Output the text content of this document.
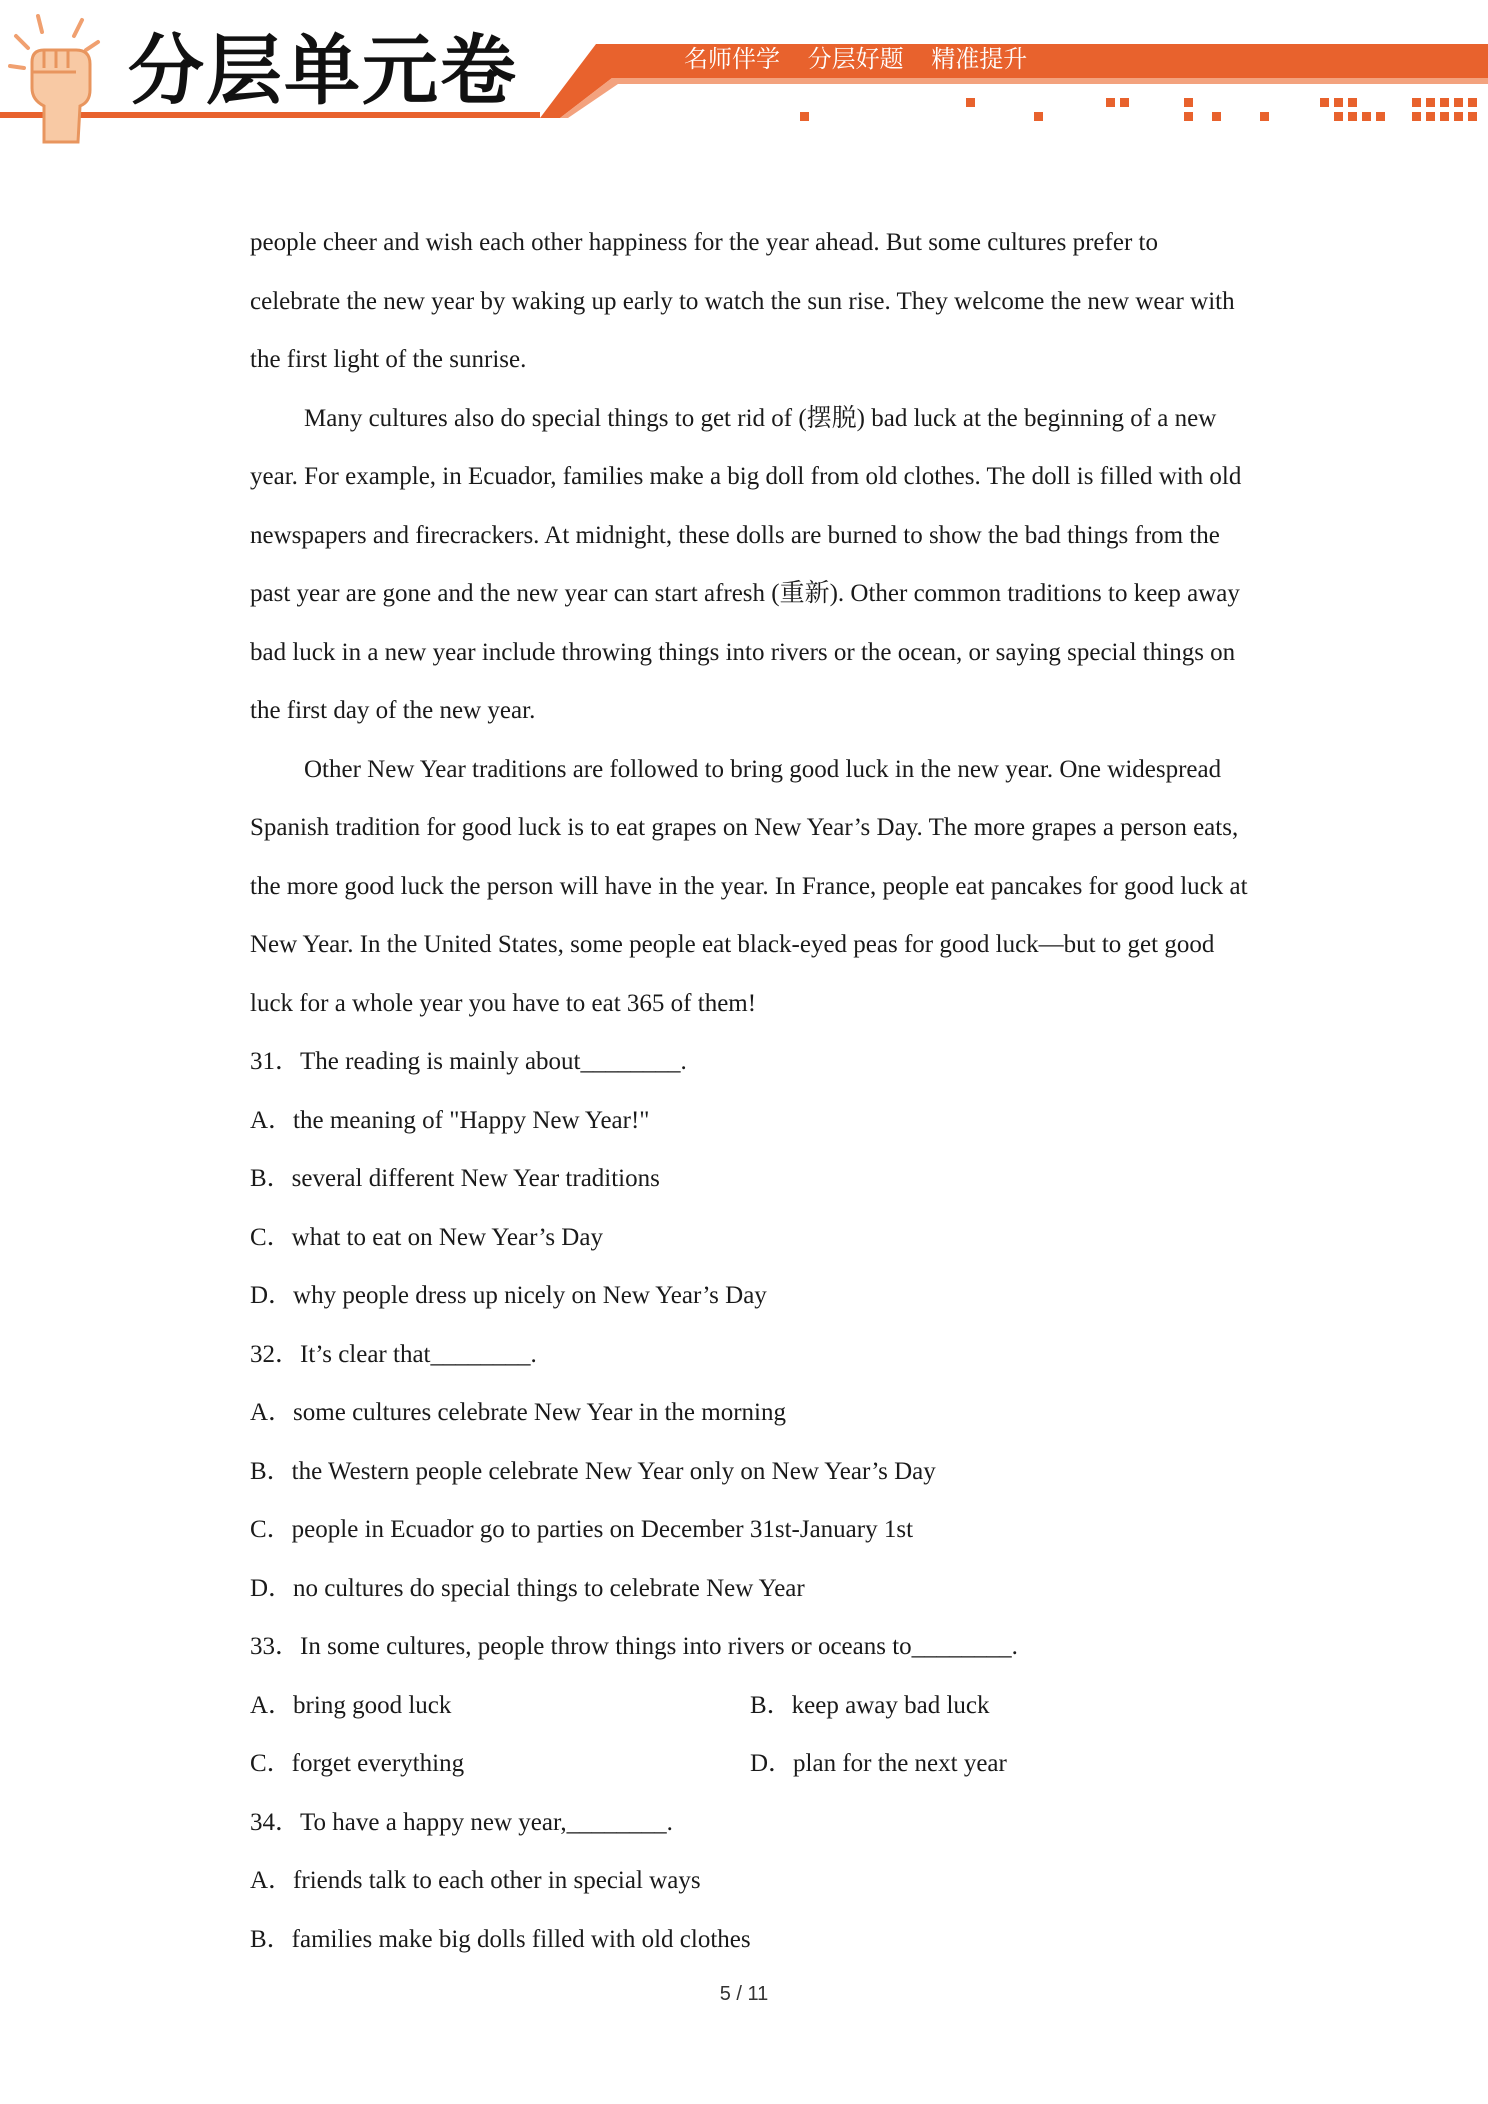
分层单元卷	名师伴学 分层好题 精准提升

people cheer and wish each other happiness for the year ahead. But some cultures prefer to celebrate the new year by waking up early to watch the sun rise. They welcome the new wear with the first light of the sunrise.

Many cultures also do special things to get rid of (摆脱) bad luck at the beginning of a new year. For example, in Ecuador, families make a big doll from old clothes. The doll is filled with old newspapers and firecrackers. At midnight, these dolls are burned to show the bad things from the past year are gone and the new year can start afresh (重新). Other common traditions to keep away bad luck in a new year include throwing things into rivers or the ocean, or saying special things on the first day of the new year.

Other New Year traditions are followed to bring good luck in the new year. One widespread Spanish tradition for good luck is to eat grapes on New Year’s Day. The more grapes a person eats, the more good luck the person will have in the year. In France, people eat pancakes for good luck at New Year. In the United States, some people eat black-eyed peas for good luck—but to get good luck for a whole year you have to eat 365 of them!

31．The reading is mainly about________.

A．the meaning of "Happy New Year!"

B．several different New Year traditions

C．what to eat on New Year’s Day

D．why people dress up nicely on New Year’s Day

32．It’s clear that________.

A．some cultures celebrate New Year in the morning

B．the Western people celebrate New Year only on New Year’s Day

C．people in Ecuador go to parties on December 31st-January 1st

D．no cultures do special things to celebrate New Year

33．In some cultures, people throw things into rivers or oceans to________.

A．bring good luck	B．keep away bad luck

C．forget everything	D．plan for the next year

34．To have a happy new year,________.

A．friends talk to each other in special ways

B．families make big dolls filled with old clothes

5 / 11
